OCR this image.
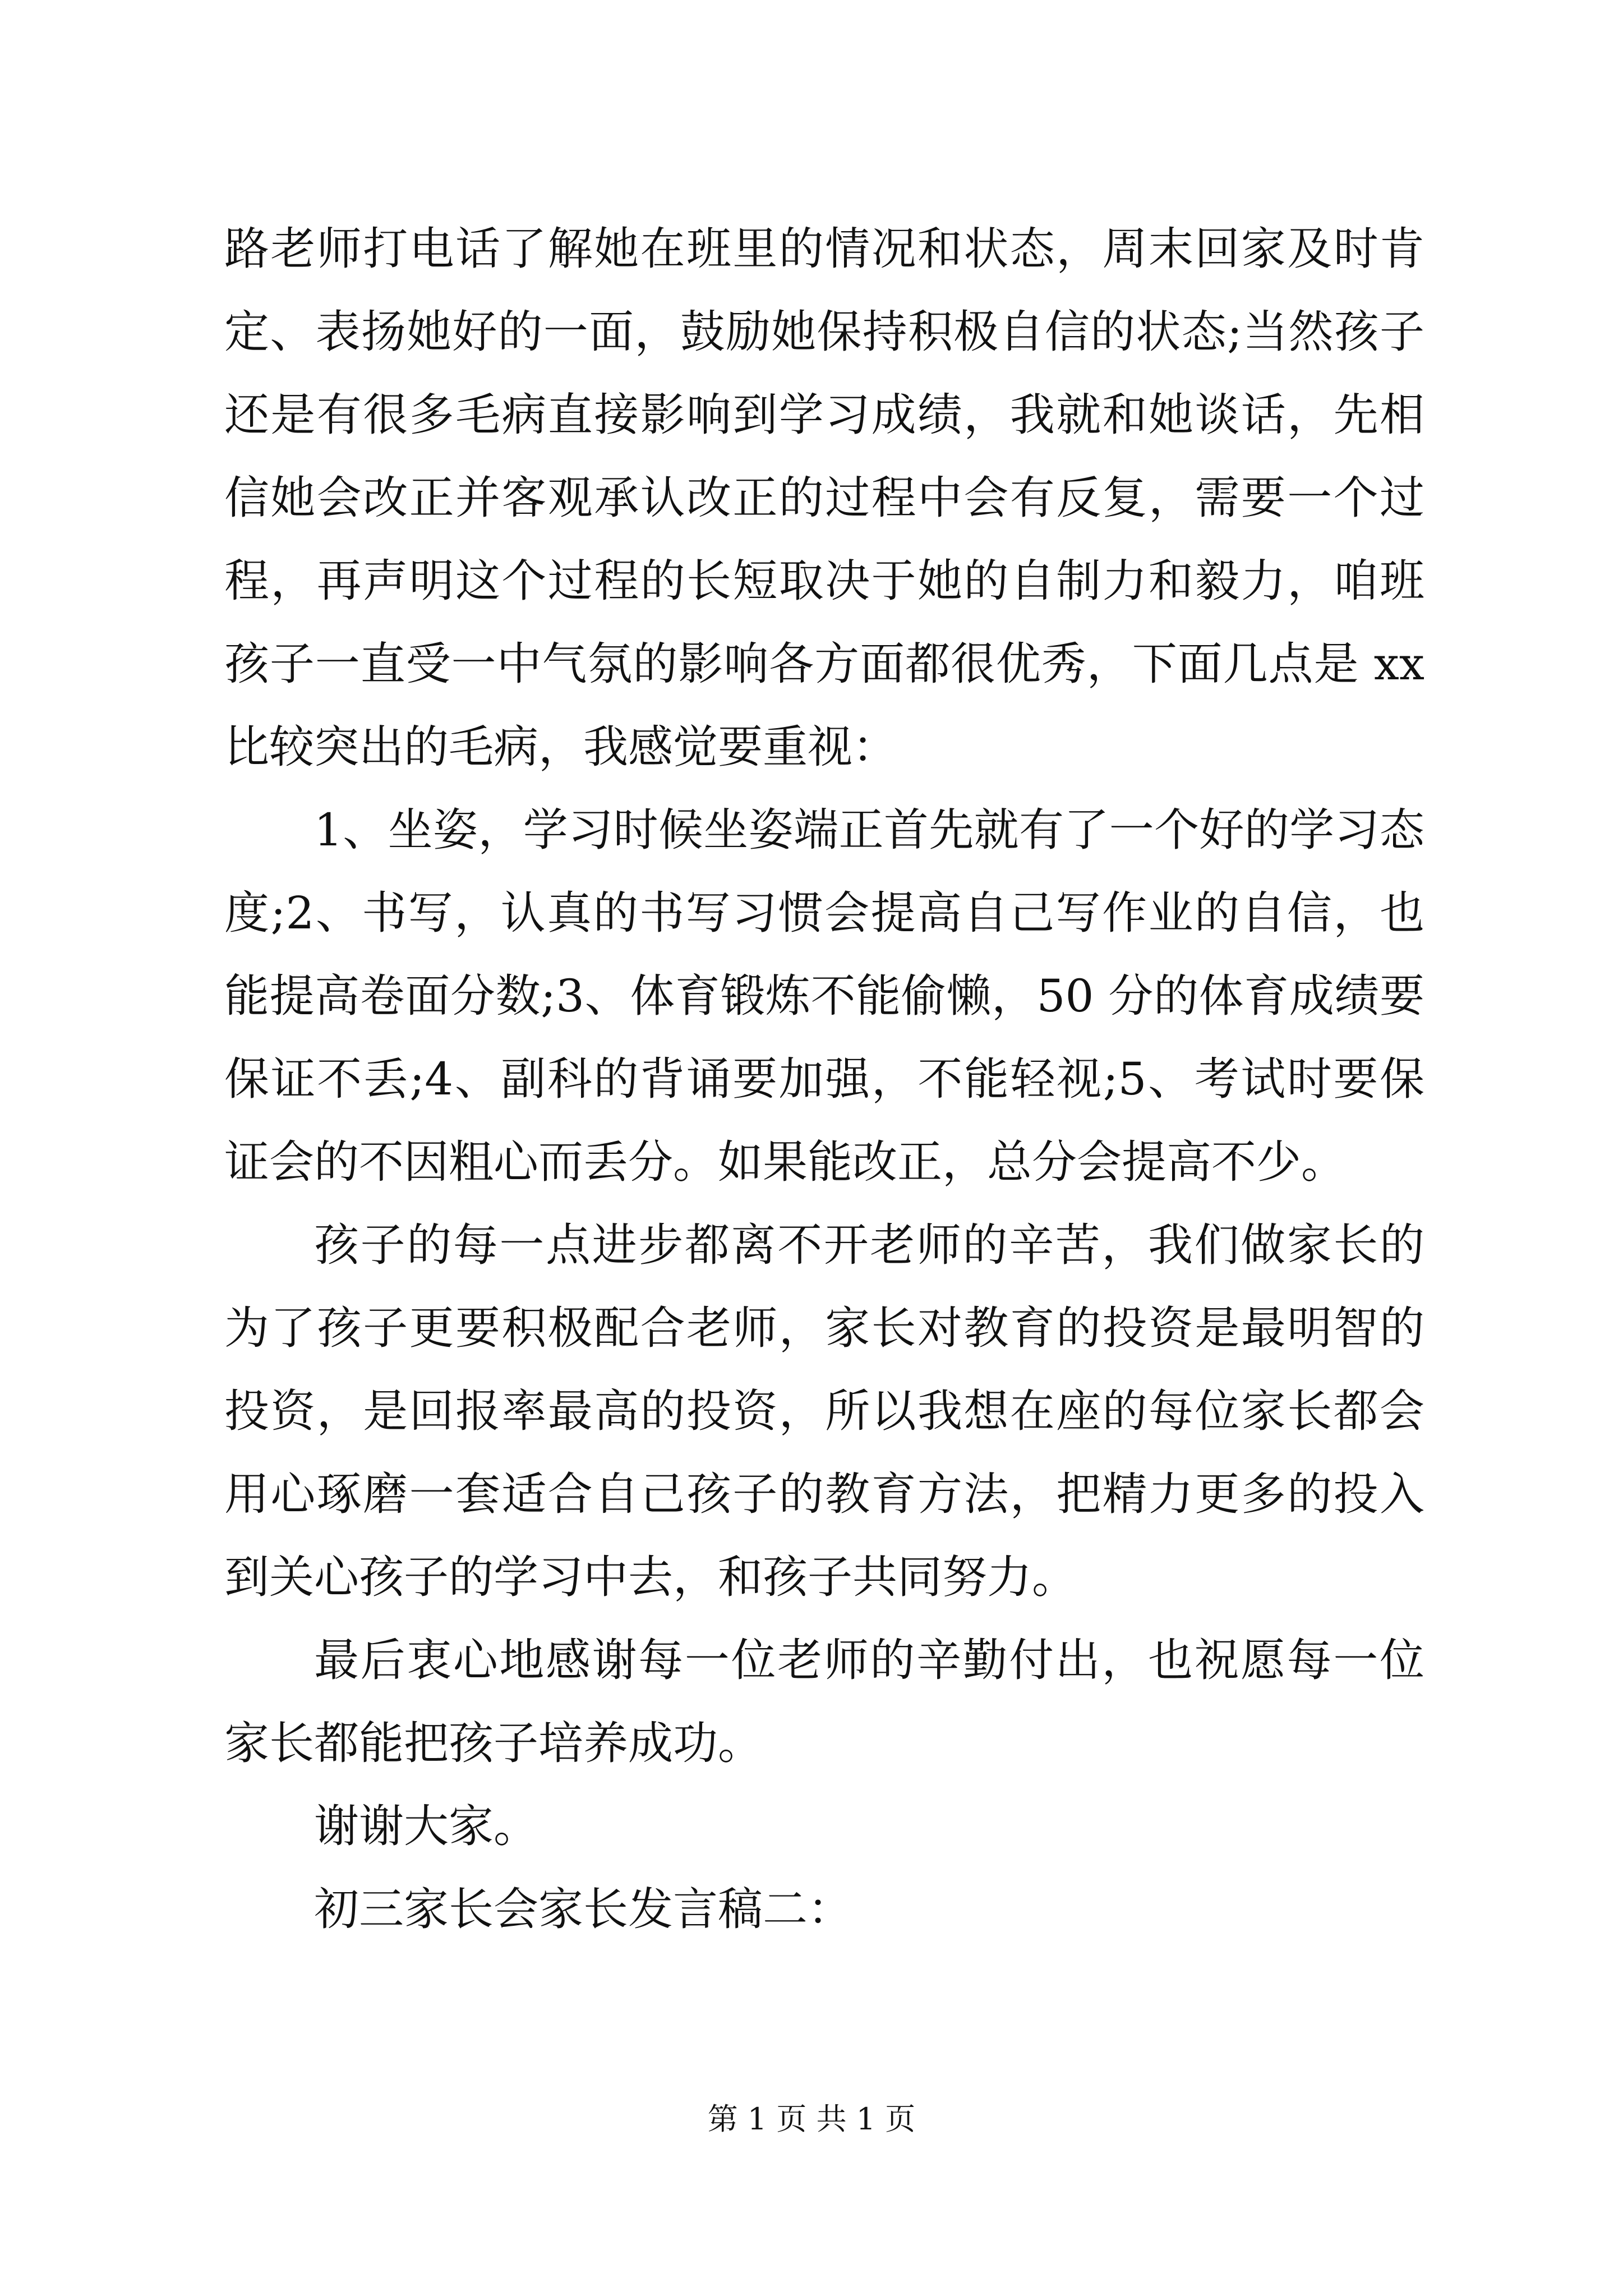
路老师打电话了解她在班里的情况和状态，周末回家及时肯定、表扬她好的一面，鼓励她保持积极自信的状态;当然孩子还是有很多毛病直接影响到学习成绩，我就和她谈话，先相信她会改正并客观承认改正的过程中会有反复，需要一个过程，再声明这个过程的长短取决于她的自制力和毅力，咱班孩子一直受一中气氛的影响各方面都很优秀，下面几点是 xx 比较突出的毛病，我感觉要重视：

1、坐姿，学习时候坐姿端正首先就有了一个好的学习态度;2、书写，认真的书写习惯会提高自己写作业的自信，也能提高卷面分数;3、体育锻炼不能偷懒，50 分的体育成绩要保证不丢;4、副科的背诵要加强，不能轻视;5、考试时要保证会的不因粗心而丢分。如果能改正，总分会提高不少。

孩子的每一点进步都离不开老师的辛苦，我们做家长的为了孩子更要积极配合老师，家长对教育的投资是最明智的投资，是回报率最高的投资，所以我想在座的每位家长都会用心琢磨一套适合自己孩子的教育方法，把精力更多的投入到关心孩子的学习中去，和孩子共同努力。

最后衷心地感谢每一位老师的辛勤付出，也祝愿每一位家长都能把孩子培养成功。

谢谢大家。

初三家长会家长发言稿二：

第 1 页 共 1 页
